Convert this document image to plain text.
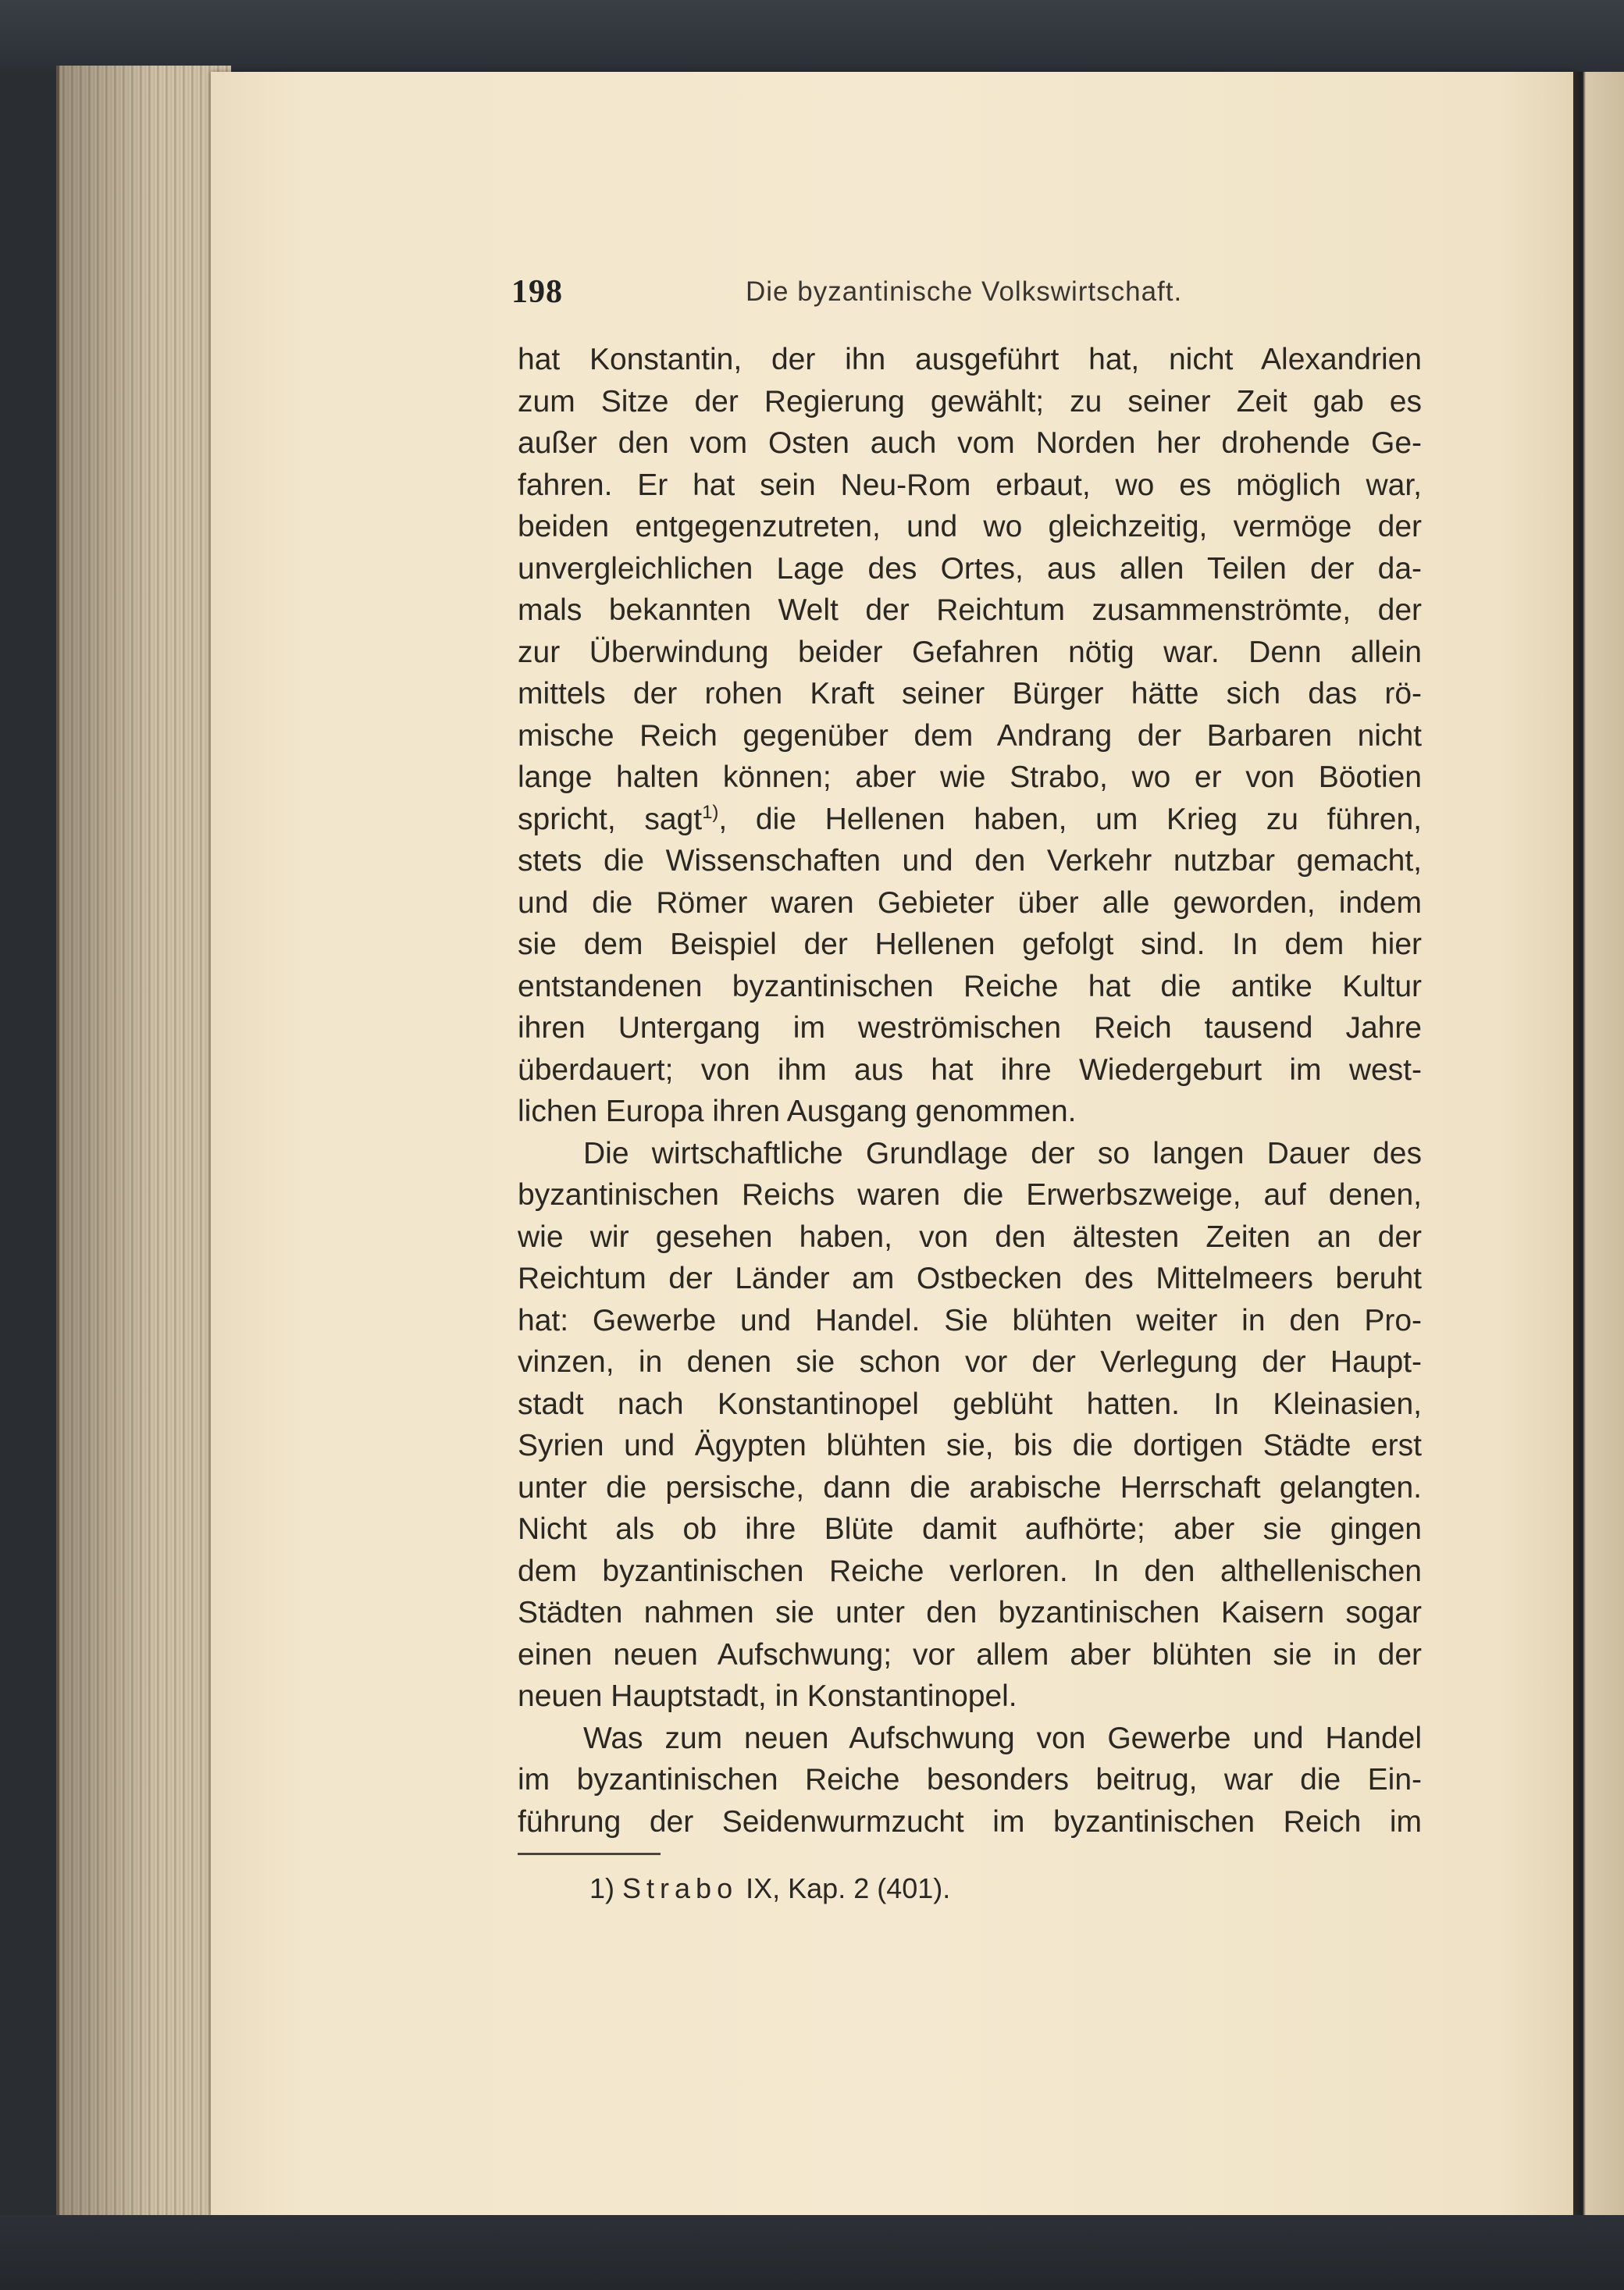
198	Die byzantinische Volkswirtschaft.
hat Konstantin, der ihn ausgeführt hat, nicht Alexandrien
zum Sitze der Regierung gewählt; zu seiner Zeit gab es
außer den vom Osten auch vom Norden her drohende Ge-
fahren. Er hat sein Neu-Rom erbaut, wo es möglich war,
beiden entgegenzutreten, und wo gleichzeitig, vermöge der
unvergleichlichen Lage des Ortes, aus allen Teilen der da-
mals bekannten Welt der Reichtum zusammenströmte, der
zur Überwindung beider Gefahren nötig war. Denn allein
mittels der rohen Kraft seiner Bürger hätte sich das rö-
mische Reich gegenüber dem Andrang der Barbaren nicht
lange halten können; aber wie Strabo, wo er von Böotien
spricht, sagt$^{1)}$, die Hellenen haben, um Krieg zu führen,
stets die Wissenschaften und den Verkehr nutzbar gemacht,
und die Römer waren Gebieter über alle geworden, indem
sie dem Beispiel der Hellenen gefolgt sind. In dem hier
entstandenen byzantinischen Reiche hat die antike Kultur
ihren Untergang im weströmischen Reich tausend Jahre
überdauert; von ihm aus hat ihre Wiedergeburt im west-
lichen Europa ihren Ausgang genommen.
Die wirtschaftliche Grundlage der so langen Dauer des
byzantinischen Reichs waren die Erwerbszweige, auf denen,
wie wir gesehen haben, von den ältesten Zeiten an der
Reichtum der Länder am Ostbecken des Mittelmeers beruht
hat: Gewerbe und Handel. Sie blühten weiter in den Pro-
vinzen, in denen sie schon vor der Verlegung der Haupt-
stadt nach Konstantinopel geblüht hatten. In Kleinasien,
Syrien und Ägypten blühten sie, bis die dortigen Städte erst
unter die persische, dann die arabische Herrschaft gelangten.
Nicht als ob ihre Blüte damit aufhörte; aber sie gingen
dem byzantinischen Reiche verloren. In den althellenischen
Städten nahmen sie unter den byzantinischen Kaisern sogar
einen neuen Aufschwung; vor allem aber blühten sie in der
neuen Hauptstadt, in Konstantinopel.
Was zum neuen Aufschwung von Gewerbe und Handel
im byzantinischen Reiche besonders beitrug, war die Ein-
führung der Seidenwurmzucht im byzantinischen Reich im
1) Strabo IX, Kap. 2 (401).
